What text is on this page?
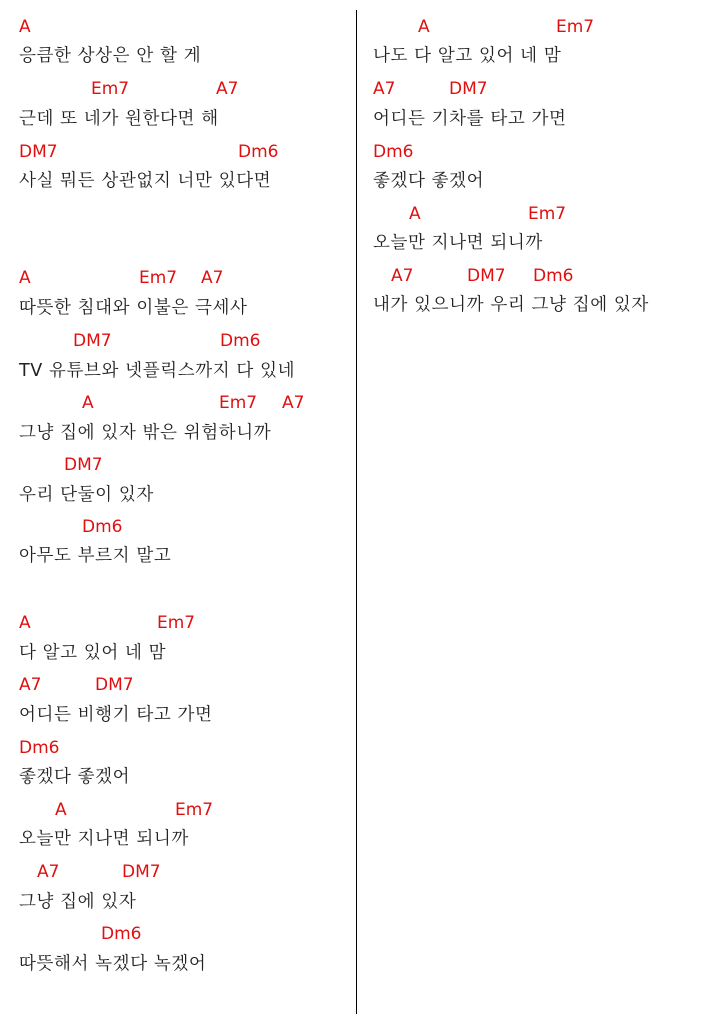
A
응큼한 상상은 안 할 게
Em7	A7
근데 또 네가 원한다면 해
DM7	Dm6
사실 뭐든 상관없지 너만 있다면
A	Em7 A7
따뜻한 침대와 이불은 극세사
DM7	Dm6
TV 유튜브와 넷플릭스까지 다 있네
A	Em7 A7
그냥 집에 있자 밖은 위험하니까
DM7
우리 단둘이 있자
Dm6
아무도 부르지 말고
A	Em7
다 알고 있어 네 맘
A7	DM7
어디든 비행기 타고 가면
Dm6
좋겠다 좋겠어
A	Em7
오늘만 지나면 되니까
A7	DM7
그냥 집에 있자
Dm6
따뜻해서 녹겠다 녹겠어
A	Em7
나도 다 알고 있어 네 맘
A7	DM7
어디든 기차를 타고 가면
Dm6
좋겠다 좋겠어
A	Em7
오늘만 지나면 되니까
A7	DM7 Dm6
내가 있으니까 우리 그냥 집에 있자
